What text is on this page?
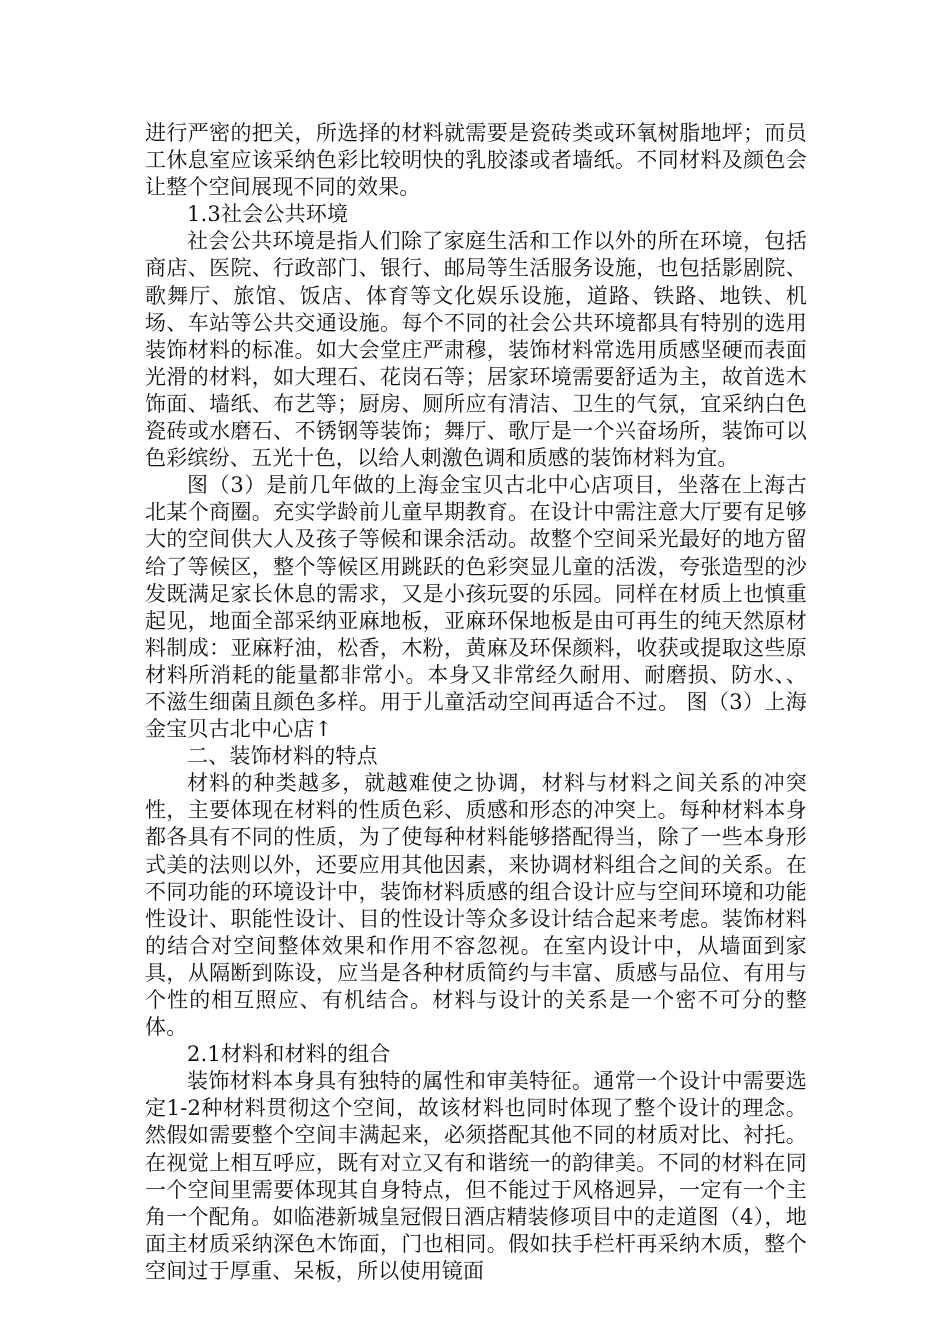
进行严密的把关，所选择的材料就需要是瓷砖类或环氧树脂地坪；而员工休息室应该采纳色彩比较明快的乳胶漆或者墙纸。不同材料及颜色会让整个空间展现不同的效果。

1.3社会公共环境

社会公共环境是指人们除了家庭生活和工作以外的所在环境，包括商店、医院、行政部门、银行、邮局等生活服务设施，也包括影剧院、歌舞厅、旅馆、饭店、体育等文化娱乐设施，道路、铁路、地铁、机场、车站等公共交通设施。每个不同的社会公共环境都具有特别的选用装饰材料的标准。如大会堂庄严肃穆，装饰材料常选用质感坚硬而表面光滑的材料，如大理石、花岗石等；居家环境需要舒适为主，故首选木饰面、墙纸、布艺等；厨房、厕所应有清洁、卫生的气氛，宜采纳白色瓷砖或水磨石、不锈钢等装饰；舞厅、歌厅是一个兴奋场所，装饰可以色彩缤纷、五光十色，以给人刺激色调和质感的装饰材料为宜。

图（3）是前几年做的上海金宝贝古北中心店项目，坐落在上海古北某个商圈。充实学龄前儿童早期教育。在设计中需注意大厅要有足够大的空间供大人及孩子等候和课余活动。故整个空间采光最好的地方留给了等候区，整个等候区用跳跃的色彩突显儿童的活泼，夸张造型的沙发既满足家长休息的需求，又是小孩玩耍的乐园。同样在材质上也慎重起见，地面全部采纳亚麻地板，亚麻环保地板是由可再生的纯天然原材料制成：亚麻籽油，松香，木粉，黄麻及环保颜料，收获或提取这些原材料所消耗的能量都非常小。本身又非常经久耐用、耐磨损、防水、、不滋生细菌且颜色多样。用于儿童活动空间再适合不过。 图（3）上海金宝贝古北中心店↑

二、装饰材料的特点

材料的种类越多，就越难使之协调，材料与材料之间关系的冲突性，主要体现在材料的性质色彩、质感和形态的冲突上。每种材料本身都各具有不同的性质，为了使每种材料能够搭配得当，除了一些本身形式美的法则以外，还要应用其他因素，来协调材料组合之间的关系。在不同功能的环境设计中，装饰材料质感的组合设计应与空间环境和功能性设计、职能性设计、目的性设计等众多设计结合起来考虑。装饰材料的结合对空间整体效果和作用不容忽视。在室内设计中，从墙面到家具，从隔断到陈设，应当是各种材质简约与丰富、质感与品位、有用与个性的相互照应、有机结合。材料与设计的关系是一个密不可分的整体。

2.1材料和材料的组合

装饰材料本身具有独特的属性和审美特征。通常一个设计中需要选定1-2种材料贯彻这个空间，故该材料也同时体现了整个设计的理念。然假如需要整个空间丰满起来，必须搭配其他不同的材质对比、衬托。在视觉上相互呼应，既有对立又有和谐统一的韵律美。不同的材料在同一个空间里需要体现其自身特点，但不能过于风格迥异，一定有一个主角一个配角。如临港新城皇冠假日酒店精装修项目中的走道图（4），地面主材质采纳深色木饰面，门也相同。假如扶手栏杆再采纳木质，整个空间过于厚重、呆板，所以使用镜面
